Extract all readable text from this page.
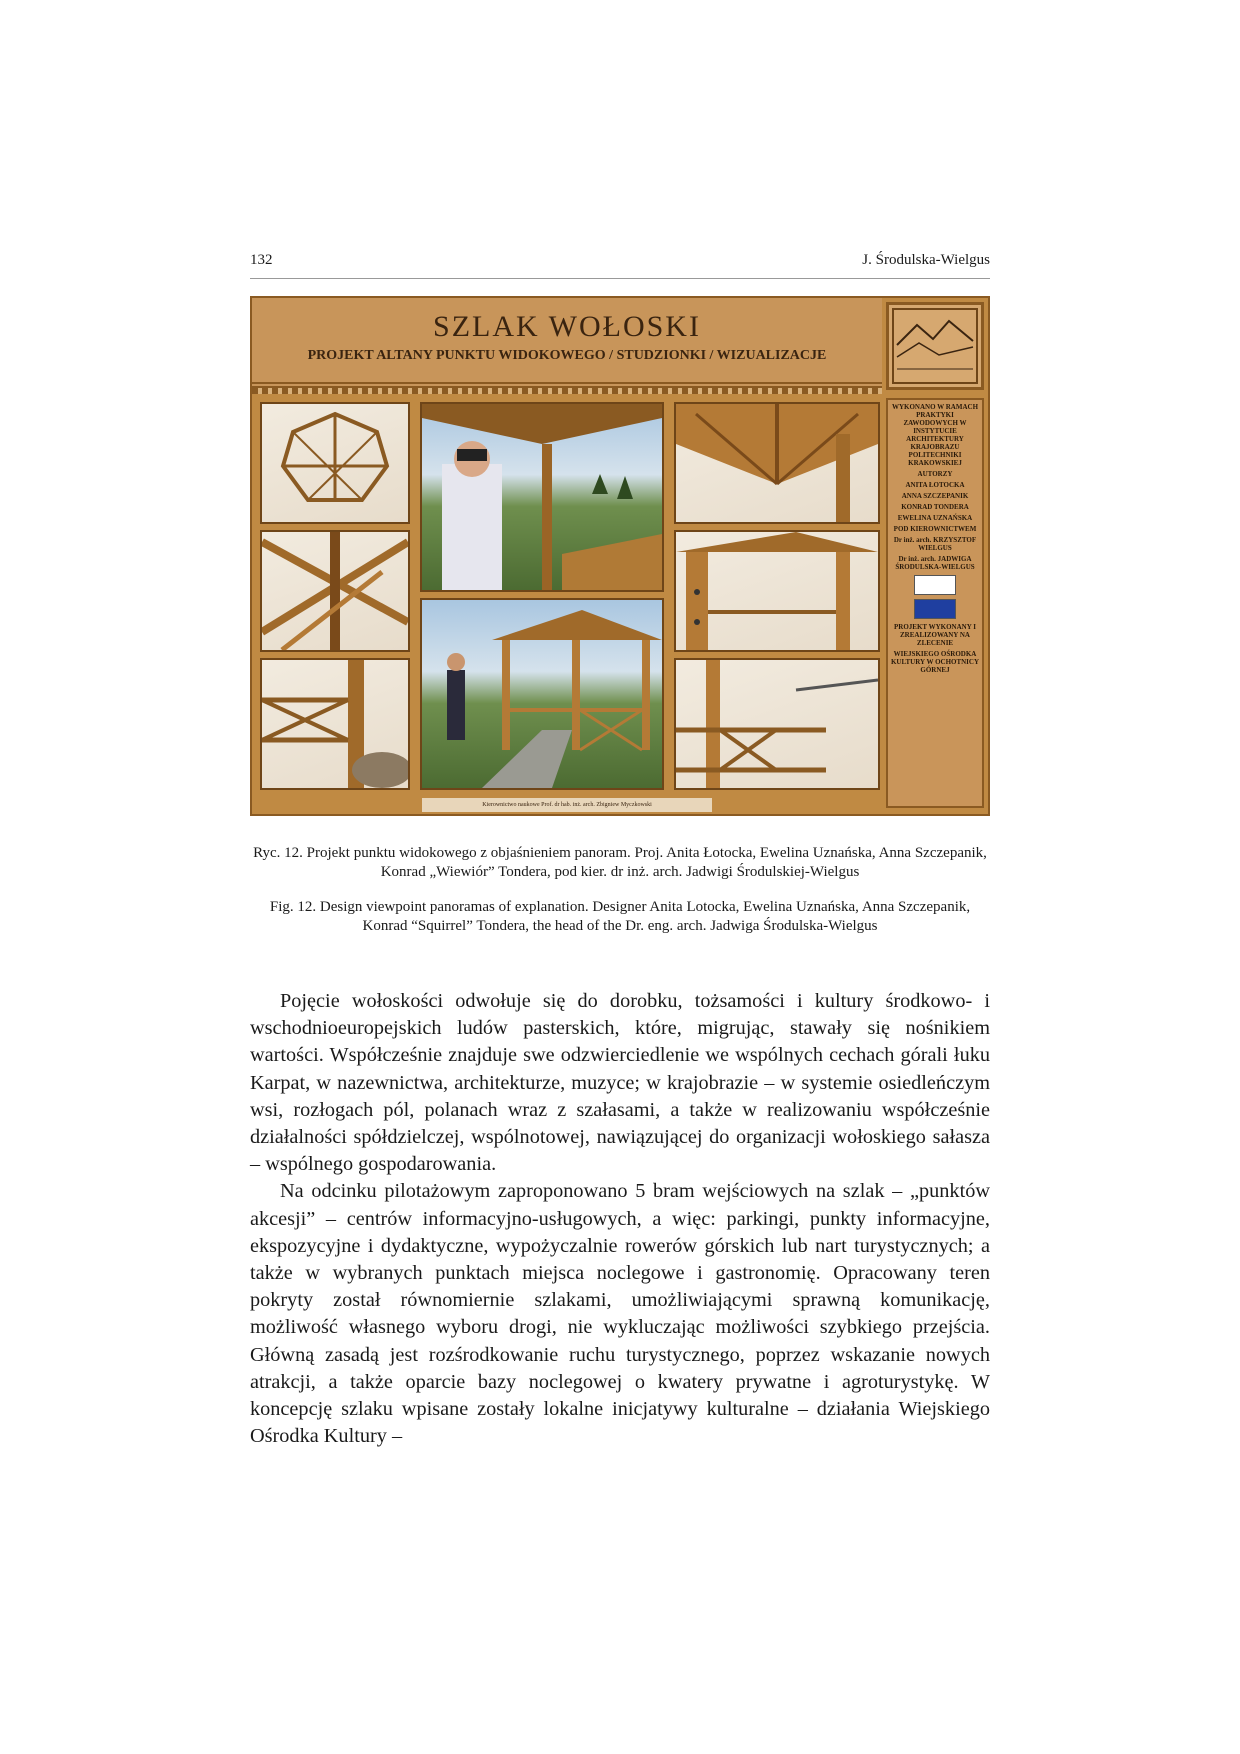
132	J. Środulska-Wielgus
SZLAK WOŁOSKI
PROJEKT ALTANY PUNKTU WIDOKOWEGO / STUDZIONKI / WIZUALIZACJE
WYKONANO W RAMACH PRAKTYKI ZAWODOWYCH W INSTYTUCIE ARCHITEKTURY KRAJOBRAZU POLITECHNIKI KRAKOWSKIEJ
AUTORZY
ANITA ŁOTOCKA
ANNA SZCZEPANIK
KONRAD TONDERA
EWELINA UZNAŃSKA
POD KIEROWNICTWEM
Dr inż. arch. KRZYSZTOF WIELGUS
Dr inż. arch. JADWIGA ŚRODULSKA-WIELGUS
PROJEKT WYKONANY I ZREALIZOWANY NA ZLECENIE
WIEJSKIEGO OŚRODKA KULTURY W OCHOTNICY GÓRNEJ
Kierownictwo naukowe Prof. dr hab. inż. arch. Zbigniew Myczkowski
Ryc. 12. Projekt punktu widokowego z objaśnieniem panoram. Proj. Anita Łotocka, Ewelina Uznańska, Anna Szczepanik, Konrad „Wiewiór” Tondera, pod kier. dr inż. arch. Jadwigi Środulskiej-Wielgus
Fig. 12. Design viewpoint panoramas of explanation. Designer Anita Lotocka, Ewelina Uznańska, Anna Szczepanik, Konrad “Squirrel” Tondera, the head of the Dr. eng. arch. Jadwiga Środulska-Wielgus

Pojęcie wołoskości odwołuje się do dorobku, tożsamości i kultury środkowo- i wschodnioeuropejskich ludów pasterskich, które, migrując, stawały się nośnikiem wartości. Współcześnie znajduje swe odzwierciedlenie we wspólnych cechach górali łuku Karpat, w nazewnictwa, architekturze, muzyce; w krajobrazie – w systemie osiedleńczym wsi, rozłogach pól, polanach wraz z szałasami, a także w realizowaniu współcześnie działalności spółdzielczej, wspólnotowej, nawiązującej do organizacji wołoskiego sałasza – wspólnego gospodarowania.

Na odcinku pilotażowym zaproponowano 5 bram wejściowych na szlak – „punktów akcesji” – centrów informacyjno-usługowych, a więc: parkingi, punkty informacyjne, ekspozycyjne i dydaktyczne, wypożyczalnie rowerów górskich lub nart turystycznych; a także w wybranych punktach miejsca noclegowe i gastronomię. Opracowany teren pokryty został równomiernie szlakami, umożliwiającymi sprawną komunikację, możliwość własnego wyboru drogi, nie wykluczając możliwości szybkiego przejścia. Główną zasadą jest rozśrodkowanie ruchu turystycznego, poprzez wskazanie nowych atrakcji, a także oparcie bazy noclegowej o kwatery prywatne i agroturystykę. W koncepcję szlaku wpisane zostały lokalne inicjatywy kulturalne – działania Wiejskiego Ośrodka Kultury –
